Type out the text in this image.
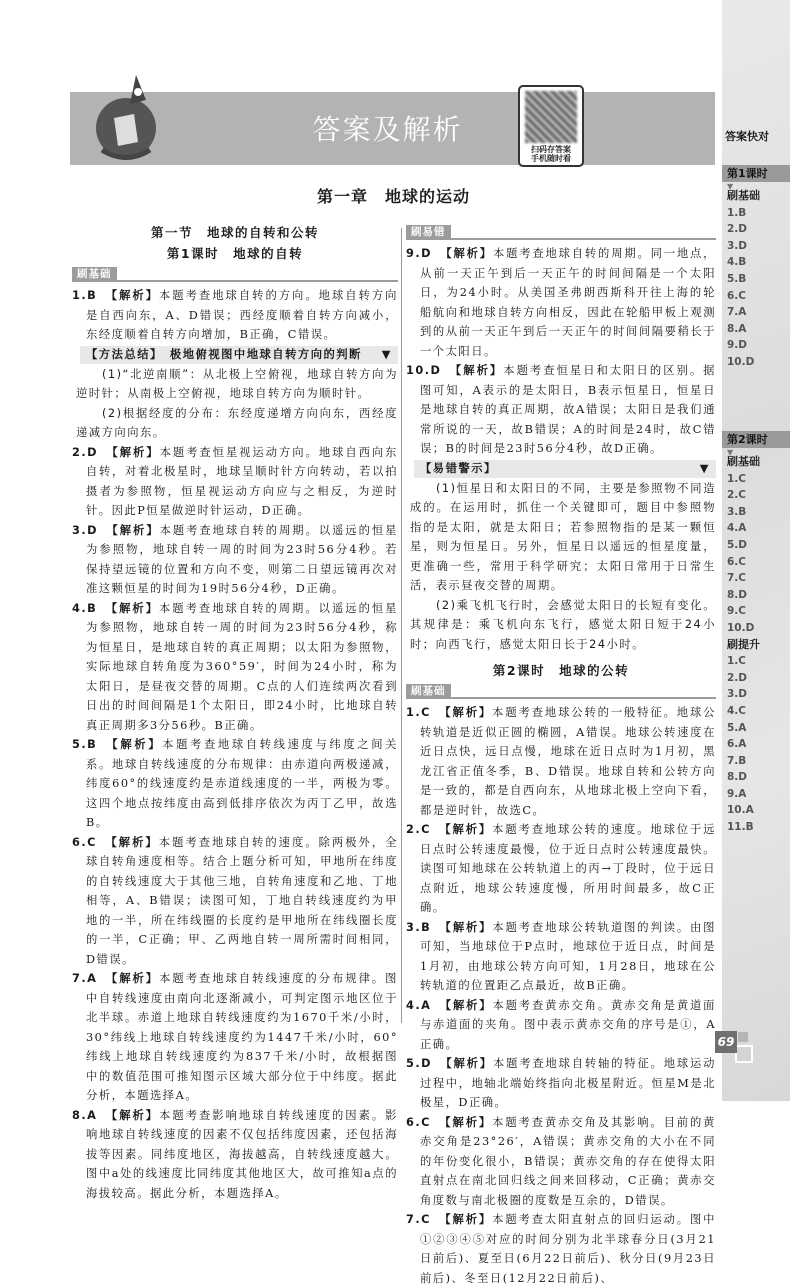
答案及解析
扫码存答案
手机随时看
第一章　地球的运动
第一节　地球的自转和公转
第1课时　地球的自转
刷基础
1.B 【解析】本题考查地球自转的方向。地球自转方向是自西向东，A、D错误；西经度顺着自转方向减小，东经度顺着自转方向增加，B正确，C错误。
【方法总结】　极地俯视图中地球自转方向的判断 ▼
(1)“北逆南顺”：从北极上空俯视，地球自转方向为逆时针；从南极上空俯视，地球自转方向为顺时针。
(2)根据经度的分布：东经度递增方向向东，西经度递减方向向东。
2.D 【解析】本题考查恒星视运动方向。地球自西向东自转，对着北极星时，地球呈顺时针方向转动，若以拍摄者为参照物，恒星视运动方向应与之相反，为逆时针。因此P恒星做逆时针运动，D正确。
3.D 【解析】本题考查地球自转的周期。以遥远的恒星为参照物，地球自转一周的时间为23时56分4秒。若保持望远镜的位置和方向不变，则第二日望远镜再次对准这颗恒星的时间为19时56分4秒，D正确。
4.B 【解析】本题考查地球自转的周期。以遥远的恒星为参照物，地球自转一周的时间为23时56分4秒，称为恒星日，是地球自转的真正周期；以太阳为参照物，实际地球自转角度为360°59′，时间为24小时，称为太阳日，是昼夜交替的周期。C点的人们连续两次看到日出的时间间隔是1个太阳日，即24小时，比地球自转真正周期多3分56秒。B正确。
5.B 【解析】本题考查地球自转线速度与纬度之间关系。地球自转线速度的分布规律：由赤道向两极递减，纬度60°的线速度约是赤道线速度的一半，两极为零。这四个地点按纬度由高到低排序依次为丙丁乙甲，故选B。
6.C 【解析】本题考查地球自转的速度。除两极外，全球自转角速度相等。结合上题分析可知，甲地所在纬度的自转线速度大于其他三地，自转角速度和乙地、丁地相等，A、B错误；读图可知，丁地自转线速度约为甲地的一半，所在纬线圈的长度约是甲地所在纬线圈长度的一半，C正确；甲、乙两地自转一周所需时间相同，D错误。
7.A 【解析】本题考查地球自转线速度的分布规律。图中自转线速度由南向北逐渐减小，可判定图示地区位于北半球。赤道上地球自转线速度约为1670千米/小时，30°纬线上地球自转线速度约为1447千米/小时，60°纬线上地球自转线速度约为837千米/小时，故根据图中的数值范围可推知图示区域大部分位于中纬度。据此分析，本题选择A。
8.A 【解析】本题考查影响地球自转线速度的因素。影响地球自转线速度的因素不仅包括纬度因素，还包括海拔等因素。同纬度地区，海拔越高，自转线速度越大。图中a处的线速度比同纬度其他地区大，故可推知a点的海拔较高。据此分析，本题选择A。
刷易错
9.D 【解析】本题考查地球自转的周期。同一地点，从前一天正午到后一天正午的时间间隔是一个太阳日，为24小时。从美国圣弗朗西斯科开往上海的轮船航向和地球自转方向相反，因此在轮船甲板上观测到的从前一天正午到后一天正午的时间间隔要稍长于一个太阳日。
10.D 【解析】本题考查恒星日和太阳日的区别。据图可知，A表示的是太阳日，B表示恒星日，恒星日是地球自转的真正周期，故A错误；太阳日是我们通常所说的一天，故B错误；A的时间是24时，故C错误；B的时间是23时56分4秒，故D正确。
【易错警示】	▼
(1)恒星日和太阳日的不同，主要是参照物不同造成的。在运用时，抓住一个关键即可，题目中参照物指的是太阳，就是太阳日；若参照物指的是某一颗恒星，则为恒星日。另外，恒星日以遥远的恒星度量，更准确一些，常用于科学研究；太阳日常用于日常生活，表示昼夜交替的周期。
(2)乘飞机飞行时，会感觉太阳日的长短有变化。其规律是：乘飞机向东飞行，感觉太阳日短于24小时；向西飞行，感觉太阳日长于24小时。
第2课时　地球的公转
刷基础
1.C 【解析】本题考查地球公转的一般特征。地球公转轨道是近似正圆的椭圆，A错误。地球公转速度在近日点快，远日点慢，地球在近日点时为1月初，黑龙江省正值冬季，B、D错误。地球自转和公转方向是一致的，都是自西向东，从地球北极上空向下看，都是逆时针，故选C。
2.C 【解析】本题考查地球公转的速度。地球位于远日点时公转速度最慢，位于近日点时公转速度最快。读图可知地球在公转轨道上的丙→丁段时，位于远日点附近，地球公转速度慢，所用时间最多，故C正确。
3.B 【解析】本题考查地球公转轨道图的判读。由图可知，当地球位于P点时，地球位于近日点，时间是1月初，由地球公转方向可知，1月28日，地球在公转轨道的位置距乙点最近，故B正确。
4.A 【解析】本题考查黄赤交角。黄赤交角是黄道面与赤道面的夹角。图中表示黄赤交角的序号是①，A正确。
5.D 【解析】本题考查地球自转轴的特征。地球运动过程中，地轴北端始终指向北极星附近。恒星M是北极星，D正确。
6.C 【解析】本题考查黄赤交角及其影响。目前的黄赤交角是23°26′，A错误；黄赤交角的大小在不同的年份变化很小，B错误；黄赤交角的存在使得太阳直射点在南北回归线之间来回移动，C正确；黄赤交角度数与南北极圈的度数是互余的，D错误。
7.C 【解析】本题考查太阳直射点的回归运动。图中①②③④⑤对应的时间分别为北半球春分日(3月21日前后)、夏至日(6月22日前后)、秋分日(9月23日前后)、冬至日(12月22日前后)、
答案快对
第1课时
▼
刷基础
1.B
2.D
3.D
4.B
5.B
6.C
7.A
8.A
9.D
10.D
第2课时
▼
刷基础
1.C
2.C
3.B
4.A
5.D
6.C
7.C
8.D
9.C
10.D
刷提升
1.C
2.D
3.D
4.C
5.A
6.A
7.B
8.D
9.A
10.A
11.B
69
